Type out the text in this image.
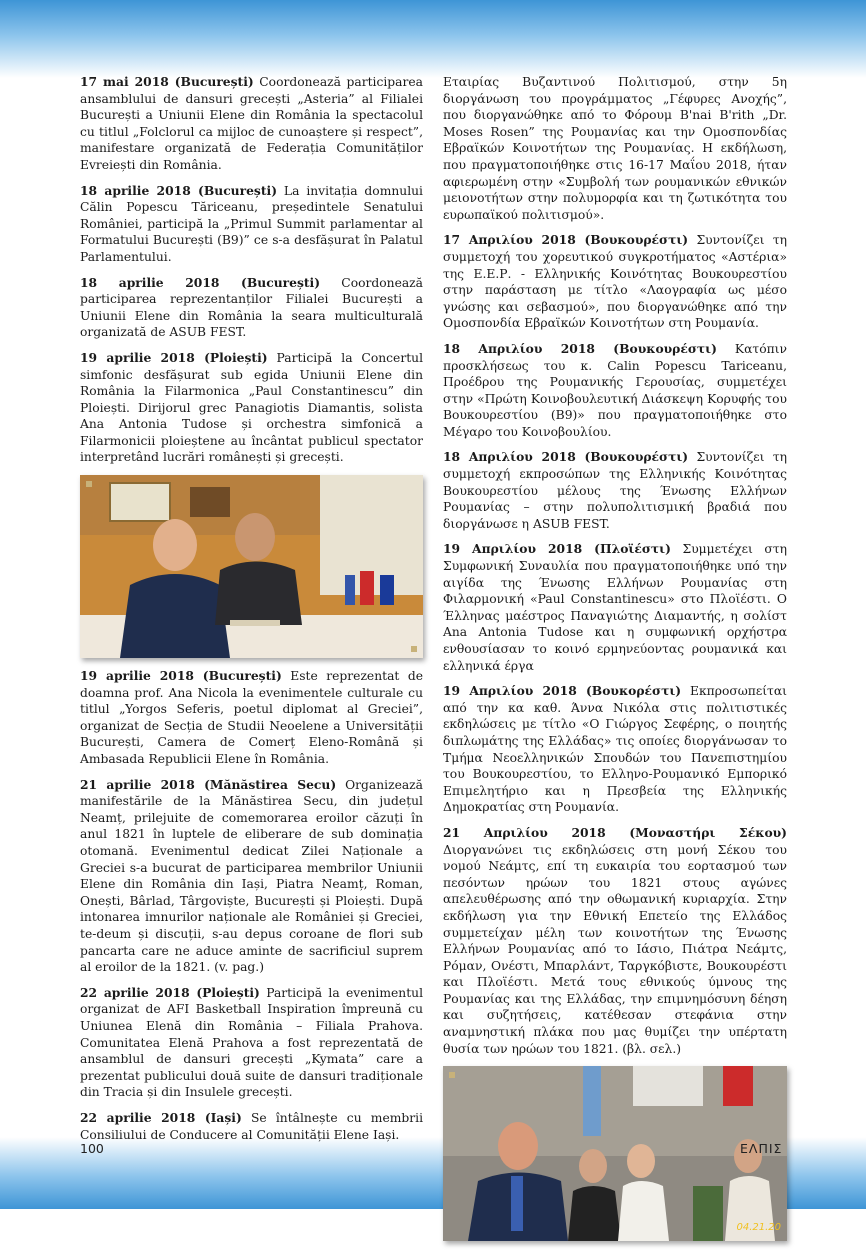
17 mai 2018 (București) Coordonează participarea ansamblului de dansuri grecești „Asteria” al Filialei București a Uniunii Elene din România la spectacolul cu titlul „Folclorul ca mijloc de cunoaștere și respect”, manifestare organizată de Federația Comunităților Evreiești din România.

18 aprilie 2018 (București) La invitația domnului Călin Popescu Tăriceanu, președintele Senatului României, participă la „Primul Summit parlamentar al Formatului București (B9)” ce s-a desfășurat în Palatul Parlamentului.

18 aprilie 2018 (București) Coordonează participarea reprezentanților Filialei București a Uniunii Elene din România la seara multiculturală organizată de ASUB FEST.

19 aprilie 2018 (Ploiești) Participă la Concertul simfonic desfășurat sub egida Uniunii Elene din România la Filarmonica „Paul Constantinescu” din Ploiești. Dirijorul grec Panagiotis Diamantis, solista Ana Antonia Tudose și orchestra simfonică a Filarmonicii ploieștene au încântat publicul spectator interpretând lucrări românești și grecești.

19 aprilie 2018 (București) Este reprezentat de doamna prof. Ana Nicola la evenimentele culturale cu titlul „Yorgos Seferis, poetul diplomat al Greciei”, organizat de Secția de Studii Neoelene a Universității București, Camera de Comerț Eleno-Română și Ambasada Republicii Elene în România.

21 aprilie 2018 (Mănăstirea Secu) Organizează manifestările de la Mănăstirea Secu, din județul Neamț, prilejuite de comemorarea eroilor căzuți în anul 1821 în luptele de eliberare de sub dominația otomană. Evenimentul dedicat Zilei Naționale a Greciei s-a bucurat de participarea membrilor Uniunii Elene din România din Iași, Piatra Neamț, Roman, Onești, Bârlad, Târgoviște, București și Ploiești. După intonarea imnurilor naționale ale României și Greciei, te-deum și discuții, s-au depus coroane de flori sub pancarta care ne aduce aminte de sacrificiul suprem al eroilor de la 1821. (v. pag.)

22 aprilie 2018 (Ploiești) Participă la evenimentul organizat de AFI Basketball Inspiration împreună cu Uniunea Elenă din România – Filiala Prahova. Comunitatea Elenă Prahova a fost reprezentată de ansamblul de dansuri grecești „Kymata” care a prezentat publicului două suite de dansuri tradiționale din Tracia și din Insulele grecești.

22 aprilie 2018 (Iași) Se întâlnește cu membrii Consiliului de Conducere al Comunității Elene Iași.

Εταιρίας Βυζαντινού Πολιτισμού, στην 5η διοργάνωση του προγράμματος „Γέφυρες Ανοχής”, που διοργανώθηκε από το Φόρουμ B'nai B'rith „Dr. Moses Rosen” της Ρουμανίας και την Ομοσπονδίας Εβραϊκών Κοινοτήτων της Ρουμανίας. Η εκδήλωση, που πραγματοποιήθηκε στις 16-17 Μαΐου 2018, ήταν αφιερωμένη στην «Συμβολή των ρουμανικών εθνικών μειονοτήτων στην πολυμορφία και τη ζωτικότητα του ευρωπαϊκού πολιτισμού».

17 Απριλίου 2018 (Βουκουρέστι) Συντονίζει τη συμμετοχή του χορευτικού συγκροτήματος «Αστέρια» της Ε.Ε.Ρ. - Ελληνικής Κοινότητας Βουκουρεστίου στην παράσταση με τίτλο «Λαογραφία ως μέσο γνώσης και σεβασμού», που διοργανώθηκε από την Ομοσπονδία Εβραϊκών Κοινοτήτων στη Ρουμανία.

18 Απριλίου 2018 (Βουκουρέστι) Κατόπιν προσκλήσεως του κ. Calin Popescu Tariceanu, Προέδρου της Ρουμανικής Γερουσίας, συμμετέχει στην «Πρώτη Κοινοβουλευτική Διάσκεψη Κορυφής του Βουκουρεστίου (B9)» που πραγματοποιήθηκε στο Μέγαρο του Κοινοβουλίου.

18 Απριλίου 2018 (Βουκουρέστι) Συντονίζει τη συμμετοχή εκπροσώπων της Ελληνικής Κοινότητας Βουκουρεστίου μέλους της Ένωσης Ελλήνων Ρουμανίας – στην πολυπολιτισμική βραδιά που διοργάνωσε η ASUB FEST.

19 Απριλίου 2018 (Πλοϊέστι) Συμμετέχει στη Συμφωνική Συναυλία που πραγματοποιήθηκε υπό την αιγίδα της Ένωσης Ελλήνων Ρουμανίας στη Φιλαρμονική «Paul Constantinescu» στο Πλοϊέστι. Ο Έλληνας μαέστρος Παναγιώτης Διαμαντής, η σολίστ Ana Antonia Tudose και η συμφωνική ορχήστρα ενθουσίασαν το κοινό ερμηνεύοντας ρουμανικά και ελληνικά έργα

19 Απριλίου 2018 (Βουκορέστι) Εκπροσωπείται από την κα καθ. Άννα Νικόλα στις πολιτιστικές εκδηλώσεις με τίτλο «Ο Γιώργος Σεφέρης, ο ποιητής διπλωμάτης της Ελλάδας» τις οποίες διοργάνωσαν το Τμήμα Νεοελληνικών Σπουδών του Πανεπιστημίου του Βουκουρεστίου, το Ελληνο-Ρουμανικό Εμπορικό Επιμελητήριο και η Πρεσβεία της Ελληνικής Δημοκρατίας στη Ρουμανία.

21 Απριλίου 2018 (Μοναστήρι Σέκου) Διοργανώνει τις εκδηλώσεις στη μονή Σέκου του νομού Νεάμτς, επί τη ευκαιρία του εορτασμού των πεσόντων ηρώων του 1821 στους αγώνες απελευθέρωσης από την οθωμανική κυριαρχία. Στην εκδήλωση για την Εθνική Επετείο της Ελλάδος συμμετείχαν μέλη των κοινοτήτων της Ένωσης Ελλήνων Ρουμανίας από το Ιάσιο, Πιάτρα Νεάμτς, Ρόμαν, Ονέστι, Μπαρλάντ, Ταργκόβιστε, Βουκουρέστι και Πλοϊέστι. Μετά τους εθνικούς ύμνους της Ρουμανίας και της Ελλάδας, την επιμνημόσυνη δέηση και συζητήσεις, κατέθεσαν στεφάνια στην αναμνηστική πλάκα που μας θυμίζει την υπέρτατη θυσία των ηρώων του 1821. (βλ. σελ.)

04.21.20
100	ΕΛΠΙΣ
